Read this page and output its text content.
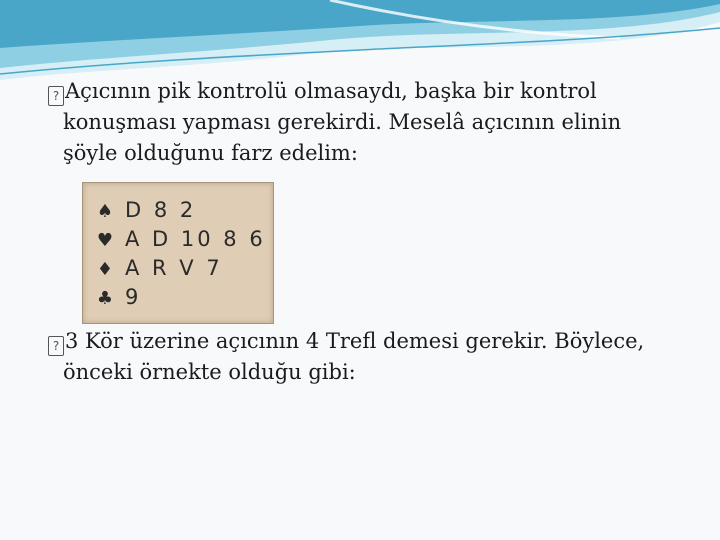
? Açıcının pik kontrolü olmasaydı, başka bir kontrol
konuşması yapması gerekirdi. Meselâ açıcının elinin
şöyle olduğunu farz edelim:
♠ D 8 2
♥ A D 10 8 6
♦ A R V 7
♣ 9
? 3 Kör üzerine açıcının 4 Trefl demesi gerekir. Böylece,
önceki örnekte olduğu gibi:
